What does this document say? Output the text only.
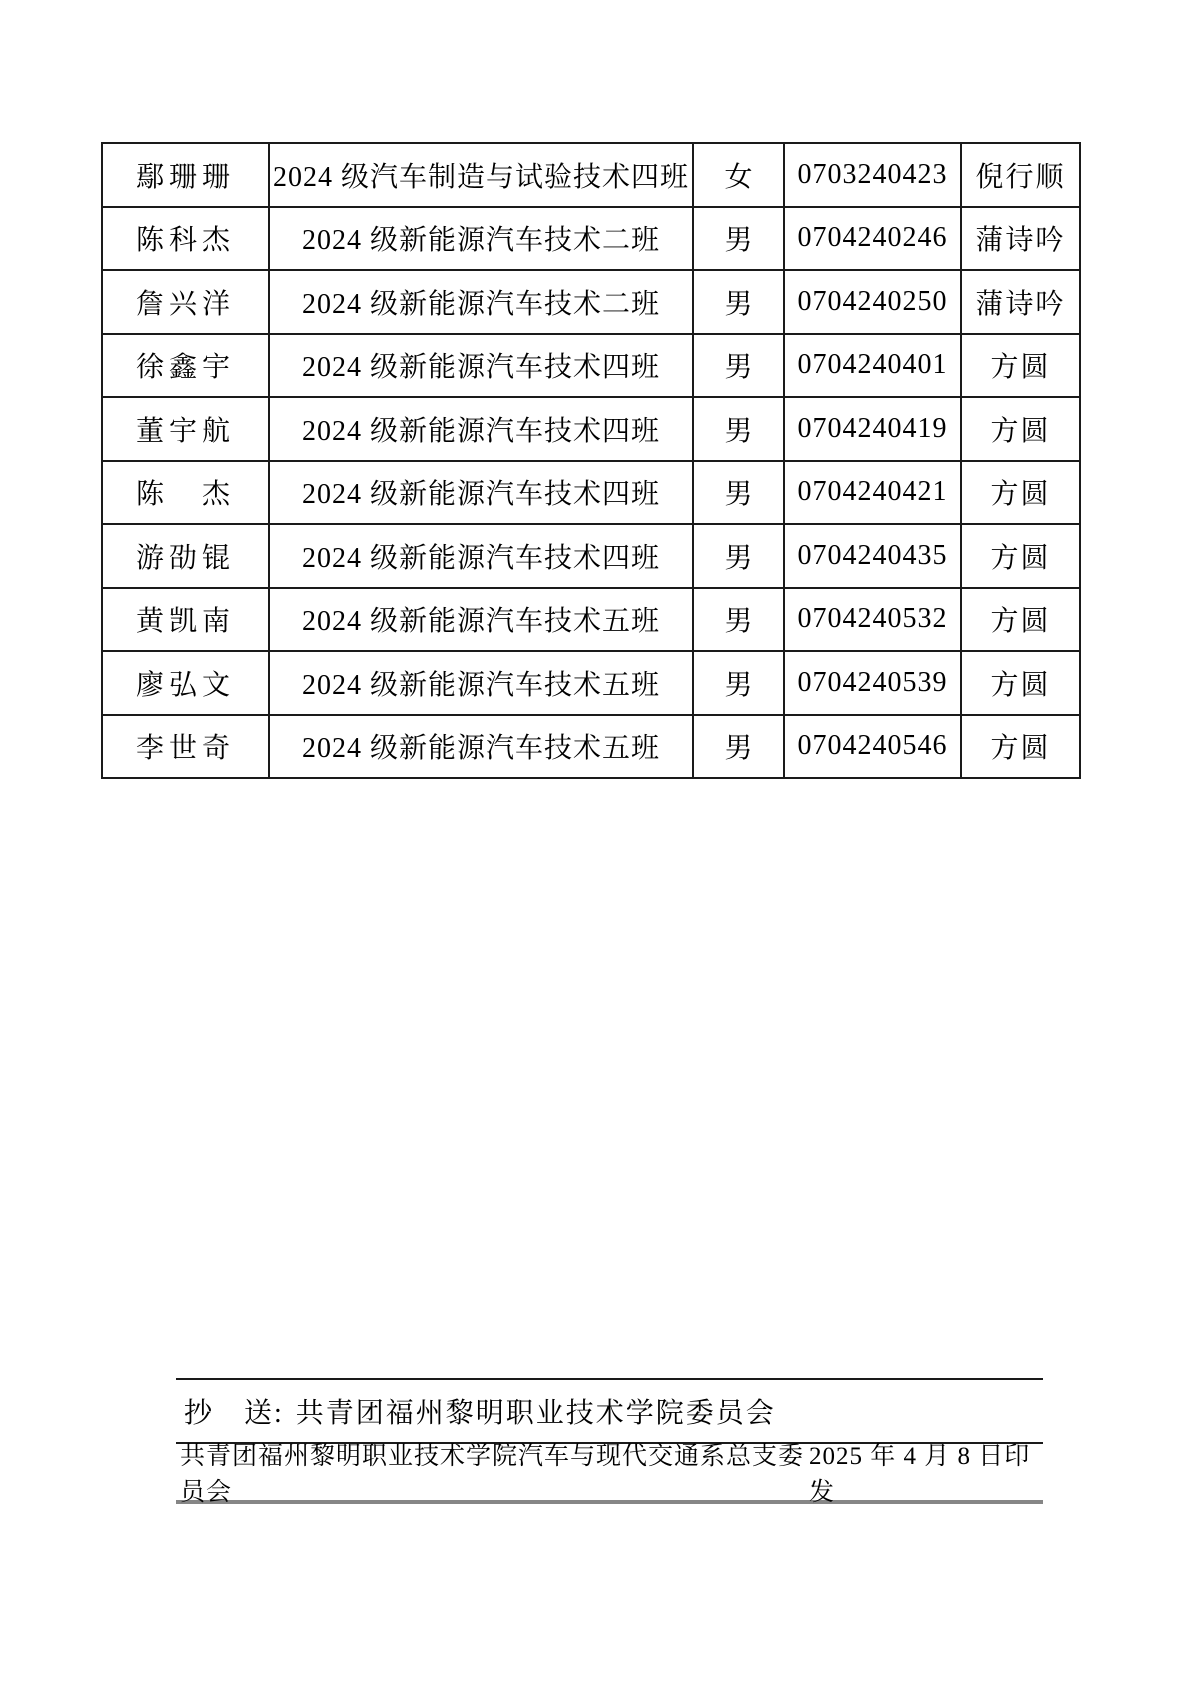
鄢珊珊	2024 级汽车制造与试验技术四班	女	0703240423	倪行顺
陈科杰	2024 级新能源汽车技术二班	男	0704240246	蒲诗吟
詹兴洋	2024 级新能源汽车技术二班	男	0704240250	蒲诗吟
徐鑫宇	2024 级新能源汽车技术四班	男	0704240401	方圆
董宇航	2024 级新能源汽车技术四班	男	0704240419	方圆
陈　杰	2024 级新能源汽车技术四班	男	0704240421	方圆
游劭锟	2024 级新能源汽车技术四班	男	0704240435	方圆
黄凯南	2024 级新能源汽车技术五班	男	0704240532	方圆
廖弘文	2024 级新能源汽车技术五班	男	0704240539	方圆
李世奇	2024 级新能源汽车技术五班	男	0704240546	方圆
抄　送: 共青团福州黎明职业技术学院委员会
共青团福州黎明职业技术学院汽车与现代交通系总支委员会
2025 年 4 月 8 日印发
